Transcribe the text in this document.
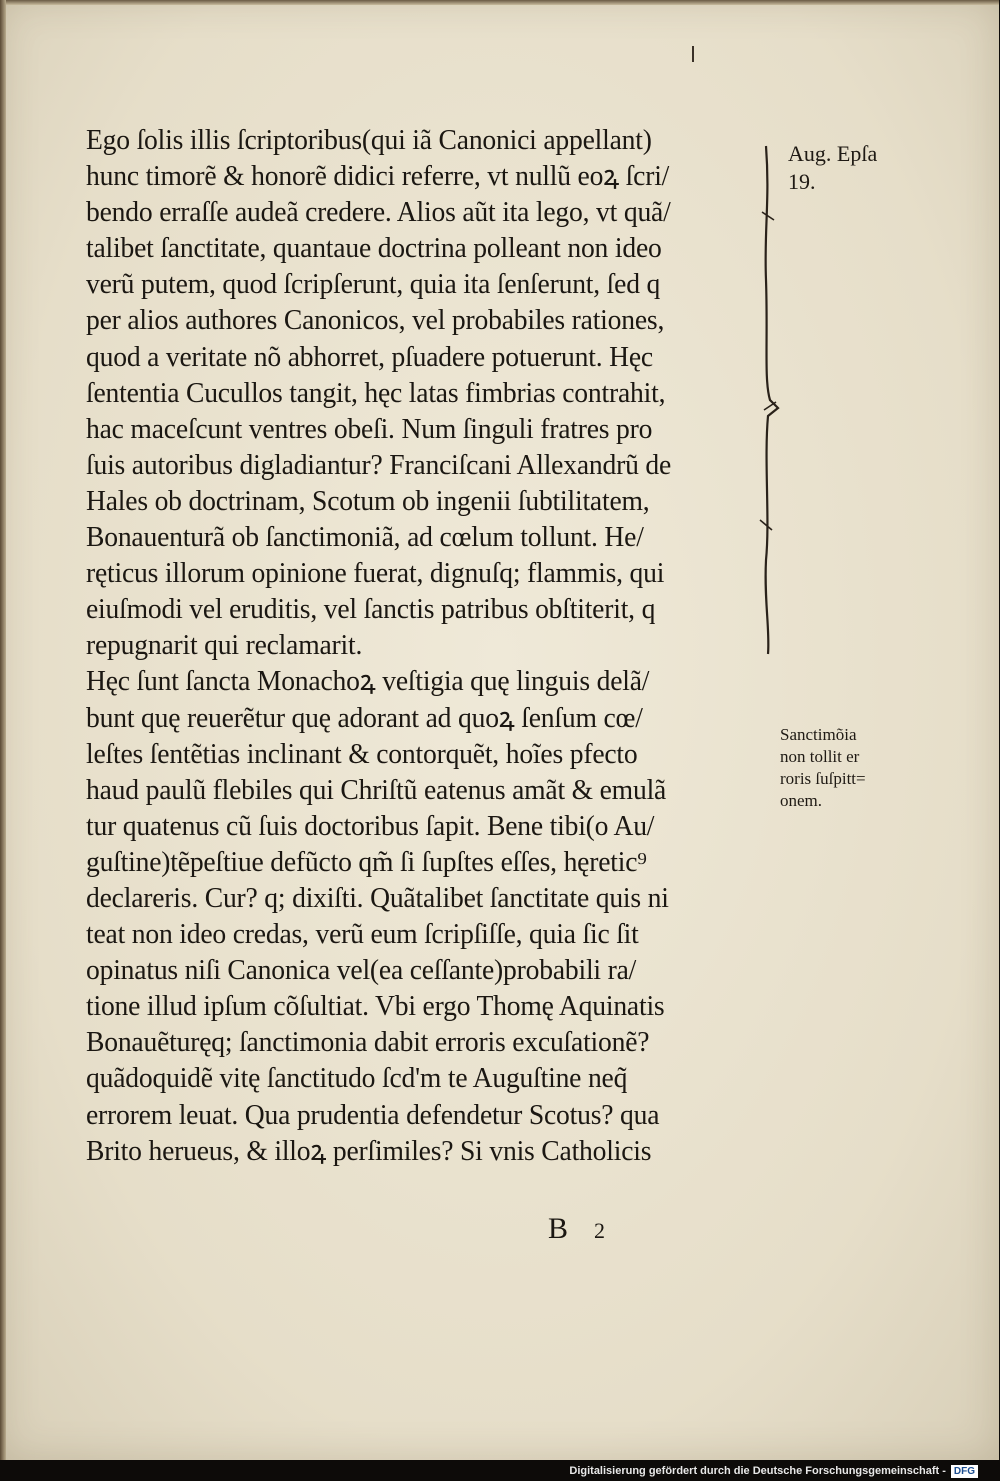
Ego ſolis illis ſcriptoribus(qui iã Canonici appellant)
hunc timorẽ & honorẽ didici referre, vt nullũ eoꝝ ſcri/
bendo erraſſe audeã credere. Alios aũt ita lego, vt quã/
talibet ſanctitate, quantaue doctrina polleant non ideo
verũ putem, quod ſcripſerunt, quia ita ſenſerunt, ſed q
per alios authores Canonicos, vel probabiles rationes,
quod a veritate nõ abhorret, pſuadere potuerunt. Hęc
ſententia Cucullos tangit, hęc latas fimbrias contrahit,
hac maceſcunt ventres obeſi. Num ſinguli fratres pro
ſuis autoribus digladiantur? Franciſcani Allexandrũ de
Hales ob doctrinam, Scotum ob ingenii ſubtilitatem,
Bonauenturã ob ſanctimoniã, ad cœlum tollunt. He/
ręticus illorum opinione fuerat, dignuſq; flammis, qui
eiuſmodi vel eruditis, vel ſanctis patribus obſtiterit, q
repugnarit qui reclamarit.
Hęc ſunt ſancta Monachoꝝ veſtigia quę linguis delã/
bunt quę reuerẽtur quę adorant ad quoꝝ ſenſum cœ/
leſtes ſentẽtias inclinant & contorquẽt, hoĩes pfecto
haud paulũ flebiles qui Chriſtũ eatenus amãt & emulã
tur quatenus cũ ſuis doctoribus ſapit. Bene tibi(o Au/
guſtine)tẽpeſtiue defũcto qm̃ ſi ſupſtes eſſes, hęretic⁹
declareris. Cur? q; dixiſti. Quãtalibet ſanctitate quis ni
teat non ideo credas, verũ eum ſcripſiſſe, quia ſic ſit
opinatus niſi Canonica vel(ea ceſſante)probabili ra/
tione illud ipſum cõſultiat. Vbi ergo Thomę Aquinatis
Bonauẽturęq; ſanctimonia dabit erroris excuſationẽ?
quãdoquidẽ vitę ſanctitudo ſcd'm te Auguſtine neq̃
errorem leuat. Qua prudentia defendetur Scotus? qua
Brito herueus, & illoꝝ perſimiles? Si vnis Catholicis
Aug. Epſa
19.
Sanctimõia
non tollit er
roris ſuſpitt=
onem.
B 2
Digitalisierung gefördert durch die Deutsche Forschungsgemeinschaft - DFG
